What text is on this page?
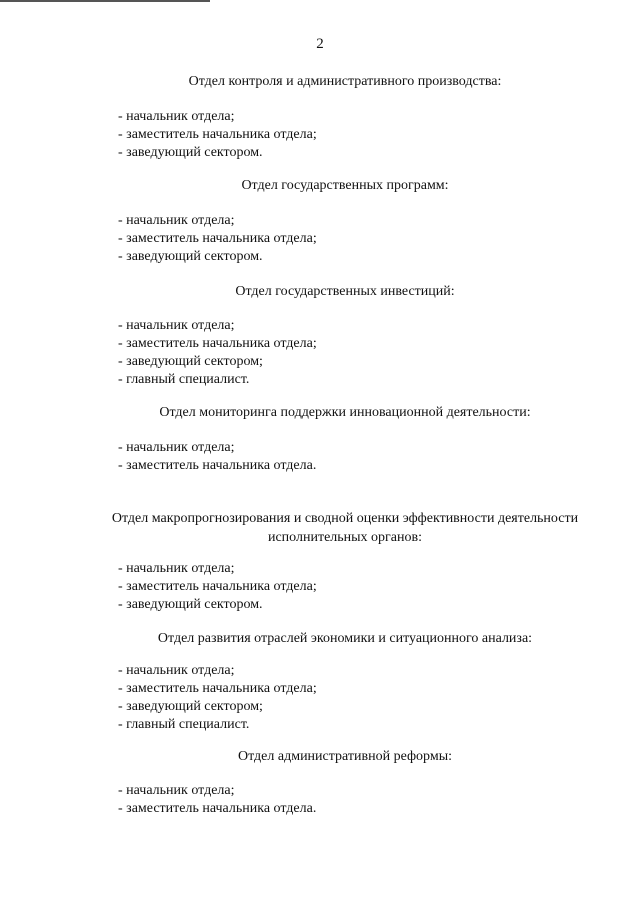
2
Отдел контроля и административного производства:
- начальник отдела;
- заместитель начальника отдела;
- заведующий сектором.
Отдел государственных программ:
- начальник отдела;
- заместитель начальника отдела;
- заведующий сектором.
Отдел государственных инвестиций:
- начальник отдела;
- заместитель начальника отдела;
- заведующий сектором;
- главный специалист.
Отдел мониторинга поддержки инновационной деятельности:
- начальник отдела;
- заместитель начальника отдела.
Отдел макропрогнозирования и сводной оценки эффективности деятельности
исполнительных органов:
- начальник отдела;
- заместитель начальника отдела;
- заведующий сектором.
Отдел развития отраслей экономики и ситуационного анализа:
- начальник отдела;
- заместитель начальника отдела;
- заведующий сектором;
- главный специалист.
Отдел административной реформы:
- начальник отдела;
- заместитель начальника отдела.
